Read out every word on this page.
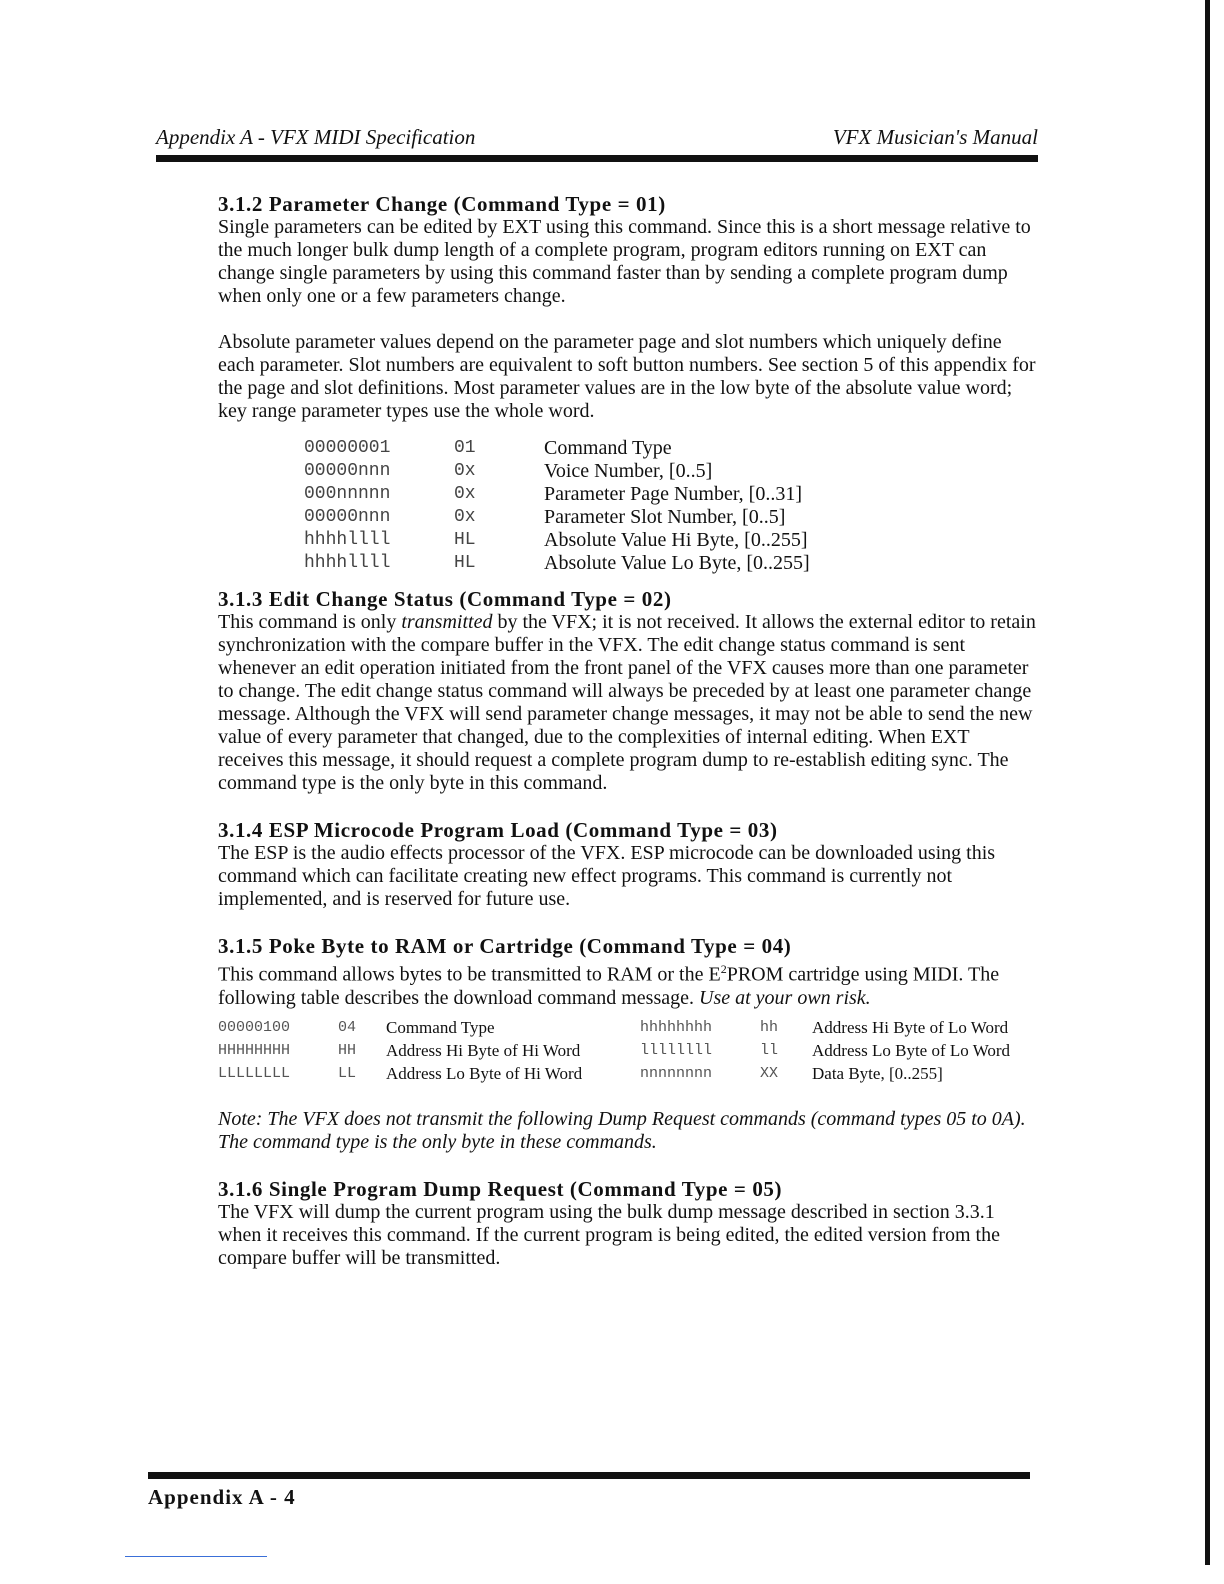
Appendix A - VFX MIDI Specification	VFX Musician's Manual
3.1.2 Parameter Change (Command Type = 01)

Single parameters can be edited by EXT using this command. Since this is a short message relative to the much longer bulk dump length of a complete program, program editors running on EXT can change single parameters by using this command faster than by sending a complete program dump when only one or a few parameters change.

Absolute parameter values depend on the parameter page and slot numbers which uniquely define each parameter. Slot numbers are equivalent to soft button numbers. See section 5 of this appendix for the page and slot definitions. Most parameter values are in the low byte of the absolute value word; key range parameter types use the whole word.

00000001	01	Command Type
00000nnn	0x	Voice Number, [0..5]
000nnnnn	0x	Parameter Page Number, [0..31]
00000nnn	0x	Parameter Slot Number, [0..5]
hhhhllll	HL	Absolute Value Hi Byte, [0..255]
hhhhllll	HL	Absolute Value Lo Byte, [0..255]
3.1.3 Edit Change Status (Command Type = 02)

This command is only transmitted by the VFX; it is not received. It allows the external editor to retain synchronization with the compare buffer in the VFX. The edit change status command is sent whenever an edit operation initiated from the front panel of the VFX causes more than one parameter to change. The edit change status command will always be preceded by at least one parameter change message. Although the VFX will send parameter change messages, it may not be able to send the new value of every parameter that changed, due to the complexities of internal editing. When EXT receives this message, it should request a complete program dump to re-establish editing sync. The command type is the only byte in this command.

3.1.4 ESP Microcode Program Load (Command Type = 03)

The ESP is the audio effects processor of the VFX. ESP microcode can be downloaded using this command which can facilitate creating new effect programs. This command is currently not implemented, and is reserved for future use.

3.1.5 Poke Byte to RAM or Cartridge (Command Type = 04)

This command allows bytes to be transmitted to RAM or the $E^2PROM$ cartridge using MIDI. The following table describes the download command message. Use at your own risk.

00000100	04	Command Type	hhhhhhhh	hh	Address Hi Byte of Lo Word
HHHHHHHH	HH	Address Hi Byte of Hi Word	llllllll	ll	Address Lo Byte of Lo Word
LLLLLLLL	LL	Address Lo Byte of Hi Word	nnnnnnnn	XX	Data Byte, [0..255]

Note: The VFX does not transmit the following Dump Request commands (command types 05 to 0A). The command type is the only byte in these commands.

3.1.6 Single Program Dump Request (Command Type = 05)

The VFX will dump the current program using the bulk dump message described in section 3.3.1 when it receives this command. If the current program is being edited, the edited version from the compare buffer will be transmitted.

Appendix A - 4
